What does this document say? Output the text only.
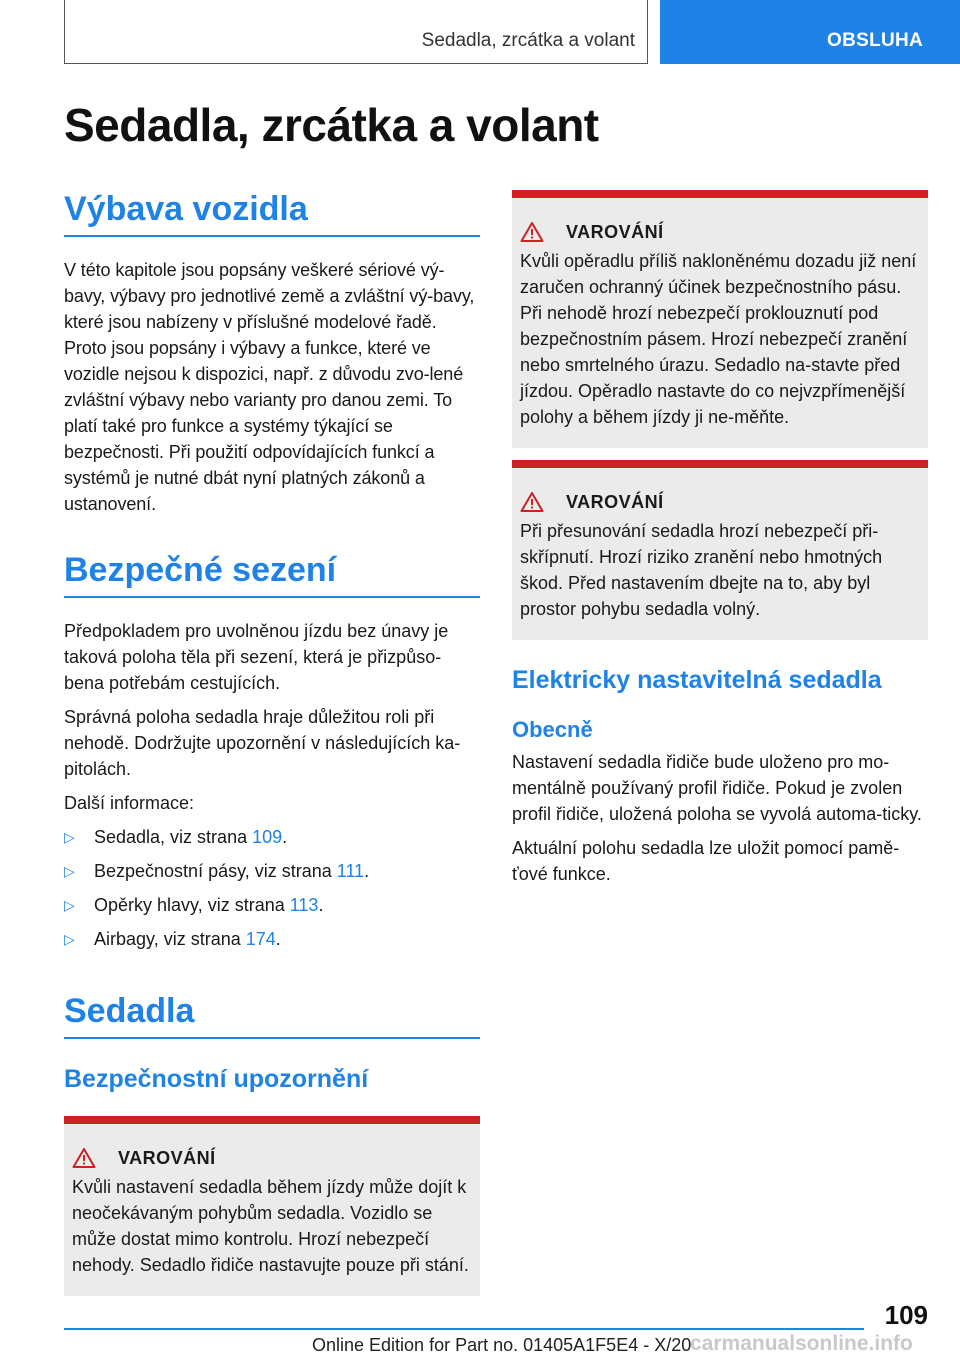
Sedadla, zrcátka a volant	OBSLUHA
Sedadla, zrcátka a volant
Výbava vozidla

V této kapitole jsou popsány veškeré sériové vý-bavy, výbavy pro jednotlivé země a zvláštní vý-bavy, které jsou nabízeny v příslušné modelové řadě. Proto jsou popsány i výbavy a funkce, které ve vozidle nejsou k dispozici, např. z důvodu zvo-lené zvláštní výbavy nebo varianty pro danou zemi. To platí také pro funkce a systémy týkající se bezpečnosti. Při použití odpovídajících funkcí a systémů je nutné dbát nyní platných zákonů a ustanovení.

Bezpečné sezení

Předpokladem pro uvolněnou jízdu bez únavy je taková poloha těla při sezení, která je přizpůso-bena potřebám cestujících.

Správná poloha sedadla hraje důležitou roli při nehodě. Dodržujte upozornění v následujících ka-pitolách.

Další informace:

▷ Sedadla, viz strana 109.
▷ Bezpečnostní pásy, viz strana 111.
▷ Opěrky hlavy, viz strana 113.
▷ Airbagy, viz strana 174.
Sedadla
Bezpečnostní upozornění
VAROVÁNÍ

Kvůli nastavení sedadla během jízdy může dojít k neočekávaným pohybům sedadla. Vozidlo se může dostat mimo kontrolu. Hrozí nebezpečí nehody. Sedadlo řidiče nastavujte pouze při stání.

VAROVÁNÍ

Kvůli opěradlu příliš nakloněnému dozadu již není zaručen ochranný účinek bezpečnostního pásu. Při nehodě hrozí nebezpečí proklouznutí pod bezpečnostním pásem. Hrozí nebezpečí zranění nebo smrtelného úrazu. Sedadlo na-stavte před jízdou. Opěradlo nastavte do co nejvzpřímenější polohy a během jízdy ji ne-měňte.

VAROVÁNÍ

Při přesunování sedadla hrozí nebezpečí při-skřípnutí. Hrozí riziko zranění nebo hmotných škod. Před nastavením dbejte na to, aby byl prostor pohybu sedadla volný.

Elektricky nastavitelná sedadla
Obecně

Nastavení sedadla řidiče bude uloženo pro mo-mentálně používaný profil řidiče. Pokud je zvolen profil řidiče, uložená poloha se vyvolá automa-ticky.

Aktuální polohu sedadla lze uložit pomocí pamě-ťové funkce.

109
Online Edition for Part no. 01405A1F5E4 - X/20
carmanualsonline.info
